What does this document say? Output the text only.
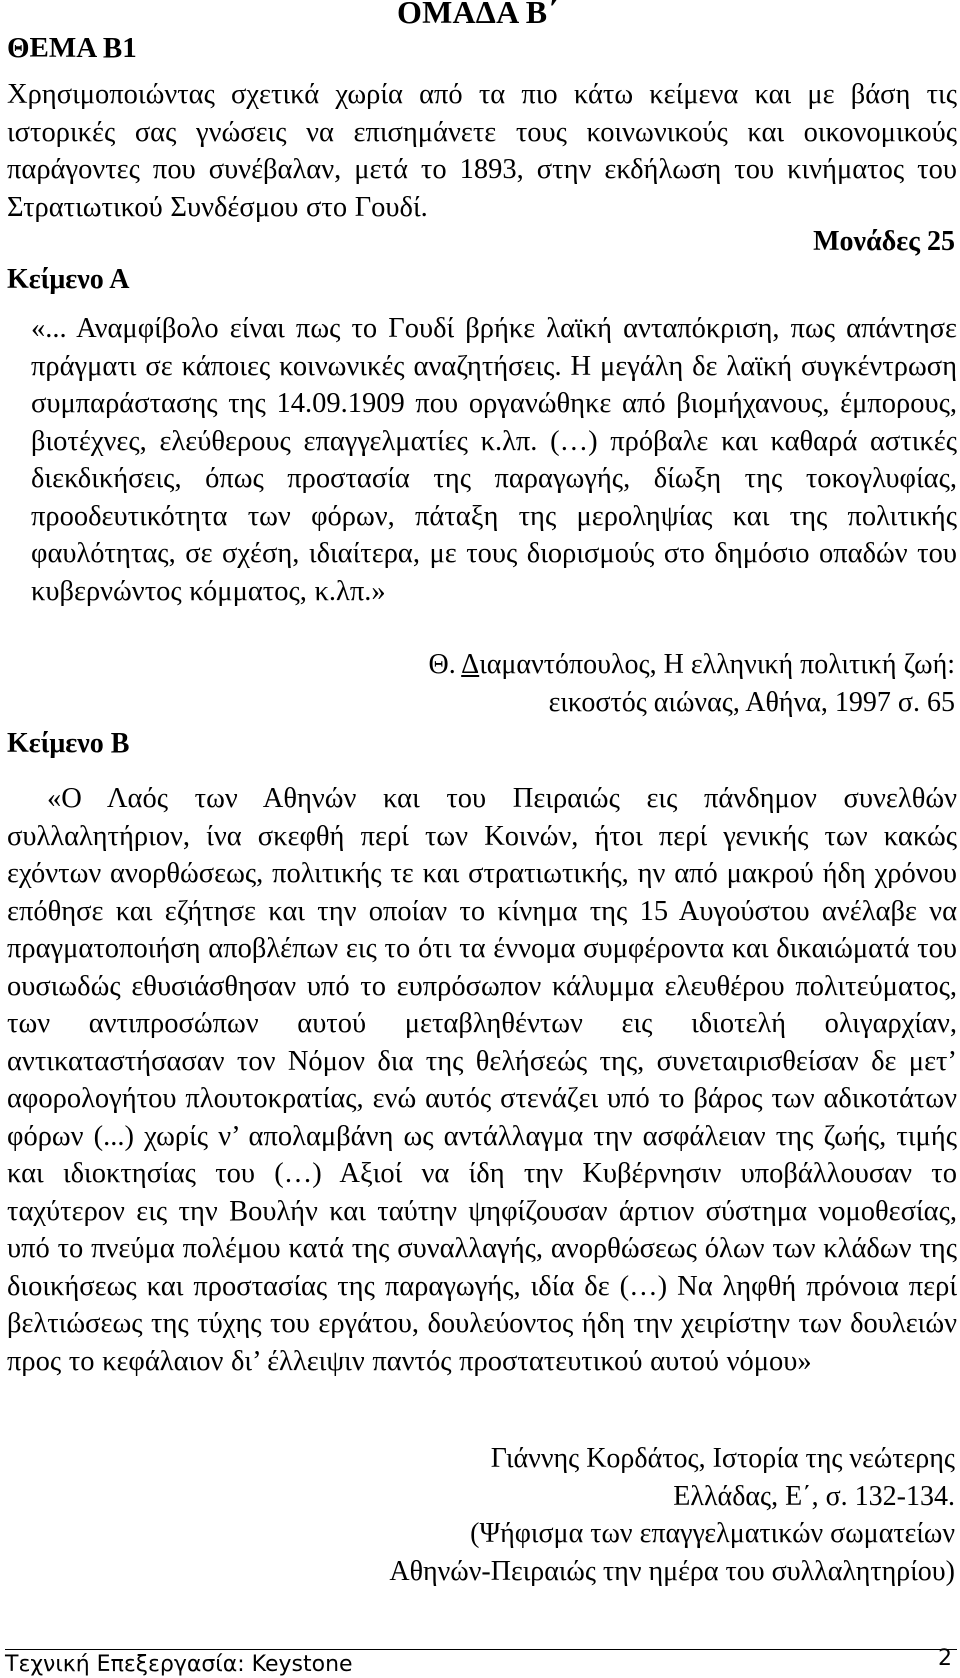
ΟΜΑΔΑ Β΄
ΘΕΜΑ Β1
Χρησιμοποιώντας σχετικά χωρία από τα πιο κάτω κείμενα και με βάση τις ιστορικές σας γνώσεις να επισημάνετε τους κοινωνικούς και οικονομικούς παράγοντες που συνέβαλαν, μετά το 1893, στην εκδήλωση του κινήματος του Στρατιωτικού Συνδέσμου στο Γουδί.
Μονάδες 25
Κείμενο Α
«... Αναμφίβολο είναι πως το Γουδί βρήκε λαϊκή ανταπόκριση, πως απάντησε πράγματι σε κάποιες κοινωνικές αναζητήσεις. Η μεγάλη δε λαϊκή συγκέντρωση συμπαράστασης της 14.09.1909 που οργανώθηκε από βιομήχανους, έμπορους, βιοτέχνες, ελεύθερους επαγγελματίες κ.λπ. (…) πρόβαλε και καθαρά αστικές διεκδικήσεις, όπως προστασία της παραγωγής, δίωξη της τοκογλυφίας, προοδευτικότητα των φόρων, πάταξη της μεροληψίας και της πολιτικής φαυλότητας, σε σχέση, ιδιαίτερα, με τους διορισμούς στο δημόσιο οπαδών του κυβερνώντος κόμματος, κ.λπ.»
Θ. Διαμαντόπουλος, Η ελληνική πολιτική ζωή:
εικοστός αιώνας, Αθήνα, 1997 σ. 65
Κείμενο Β
«Ο Λαός των Αθηνών και του Πειραιώς εις πάνδημον συνελθών συλλαλητήριον, ίνα σκεφθή περί των Κοινών, ήτοι περί γενικής των κακώς εχόντων ανορθώσεως, πολιτικής τε και στρατιωτικής, ην από μακρού ήδη χρόνου επόθησε και εζήτησε και την οποίαν το κίνημα της 15 Αυγούστου ανέλαβε να πραγματοποιήση αποβλέπων εις το ότι τα έννομα συμφέροντα και δικαιώματά του ουσιωδώς εθυσιάσθησαν υπό το ευπρόσωπον κάλυμμα ελευθέρου πολιτεύματος, των αντιπροσώπων αυτού μεταβληθέντων εις ιδιοτελή ολιγαρχίαν, αντικαταστήσασαν τον Νόμον δια της θελήσεώς της, συνεταιρισθείσαν δε μετ’ αφορολογήτου πλουτοκρατίας, ενώ αυτός στενάζει υπό το βάρος των αδικοτάτων φόρων (...) χωρίς ν’ απολαμβάνη ως αντάλλαγμα την ασφάλειαν της ζωής, τιμής και ιδιοκτησίας του (…) Αξιοί να ίδη την Κυβέρνησιν υποβάλλουσαν το ταχύτερον εις την Βουλήν και ταύτην ψηφίζουσαν άρτιον σύστημα νομοθεσίας, υπό το πνεύμα πολέμου κατά της συναλλαγής, ανορθώσεως όλων των κλάδων της διοικήσεως και προστασίας της παραγωγής, ιδία δε (…) Να ληφθή πρόνοια περί βελτιώσεως της τύχης του εργάτου, δουλεύοντος ήδη την χειρίστην των δουλειών προς το κεφάλαιον δι’ έλλειψιν παντός προστατευτικού αυτού νόμου»
Γιάννης Κορδάτος, Ιστορία της νεώτερης
Ελλάδας, Ε΄, σ. 132-134.
(Ψήφισμα των επαγγελματικών σωματείων
Αθηνών-Πειραιώς την ημέρα του συλλαλητηρίου)
Τεχνική Επεξεργασία: Keystone	2
